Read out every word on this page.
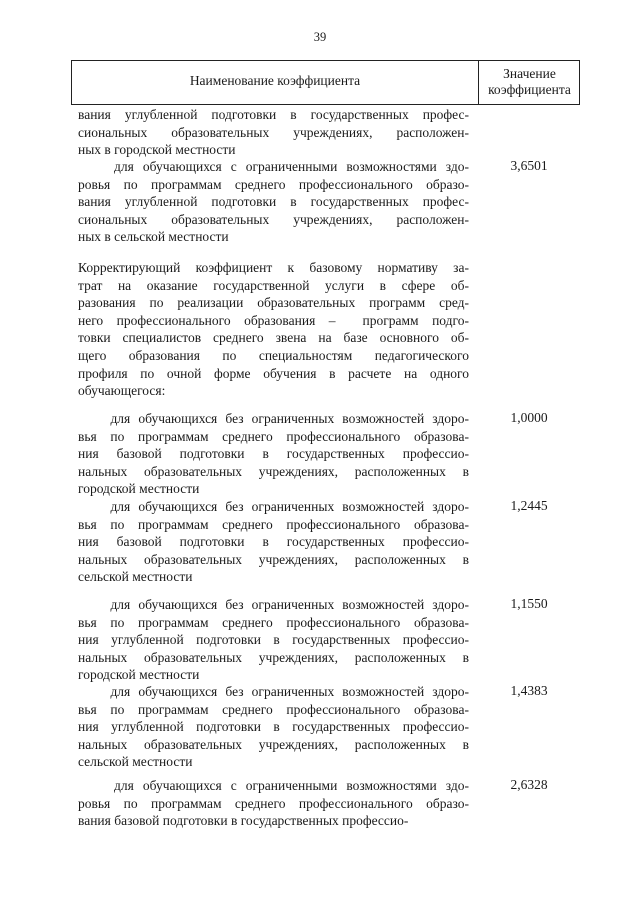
39
Наименование коэффициента	Значение
коэффициента
вания углубленной подготовки в государственных профес-
сиональных образовательных учреждениях, расположен-
ных в городской местности
для обучающихся с ограниченными возможностями здо-
ровья по программам среднего профессионального образо-
вания углубленной подготовки в государственных профес-
сиональных образовательных учреждениях, расположен-
ных в сельской местности
3,6501
Корректирующий коэффициент к базовому нормативу за-
трат на оказание государственной услуги в сфере об-
разования по реализации образовательных программ сред-
него профессионального образования –  программ подго-
товки специалистов среднего звена на базе основного об-
щего образования по специальностям педагогического
профиля по очной форме обучения в расчете на одного
обучающегося:
для обучающихся без ограниченных возможностей здоро-
вья по программам среднего профессионального образова-
ния базовой подготовки в государственных профессио-
нальных образовательных учреждениях, расположенных в
городской местности
1,0000
для обучающихся без ограниченных возможностей здоро-
вья по программам среднего профессионального образова-
ния базовой подготовки в государственных профессио-
нальных образовательных учреждениях, расположенных в
сельской местности
1,2445
для обучающихся без ограниченных возможностей здоро-
вья по программам среднего профессионального образова-
ния углубленной подготовки в государственных профессио-
нальных образовательных учреждениях, расположенных в
городской местности
1,1550
для обучающихся без ограниченных возможностей здоро-
вья по программам среднего профессионального образова-
ния углубленной подготовки в государственных профессио-
нальных образовательных учреждениях, расположенных в
сельской местности
1,4383
для обучающихся с ограниченными возможностями здо-
ровья по программам среднего профессионального образо-
вания базовой подготовки в государственных профессио-
2,6328
